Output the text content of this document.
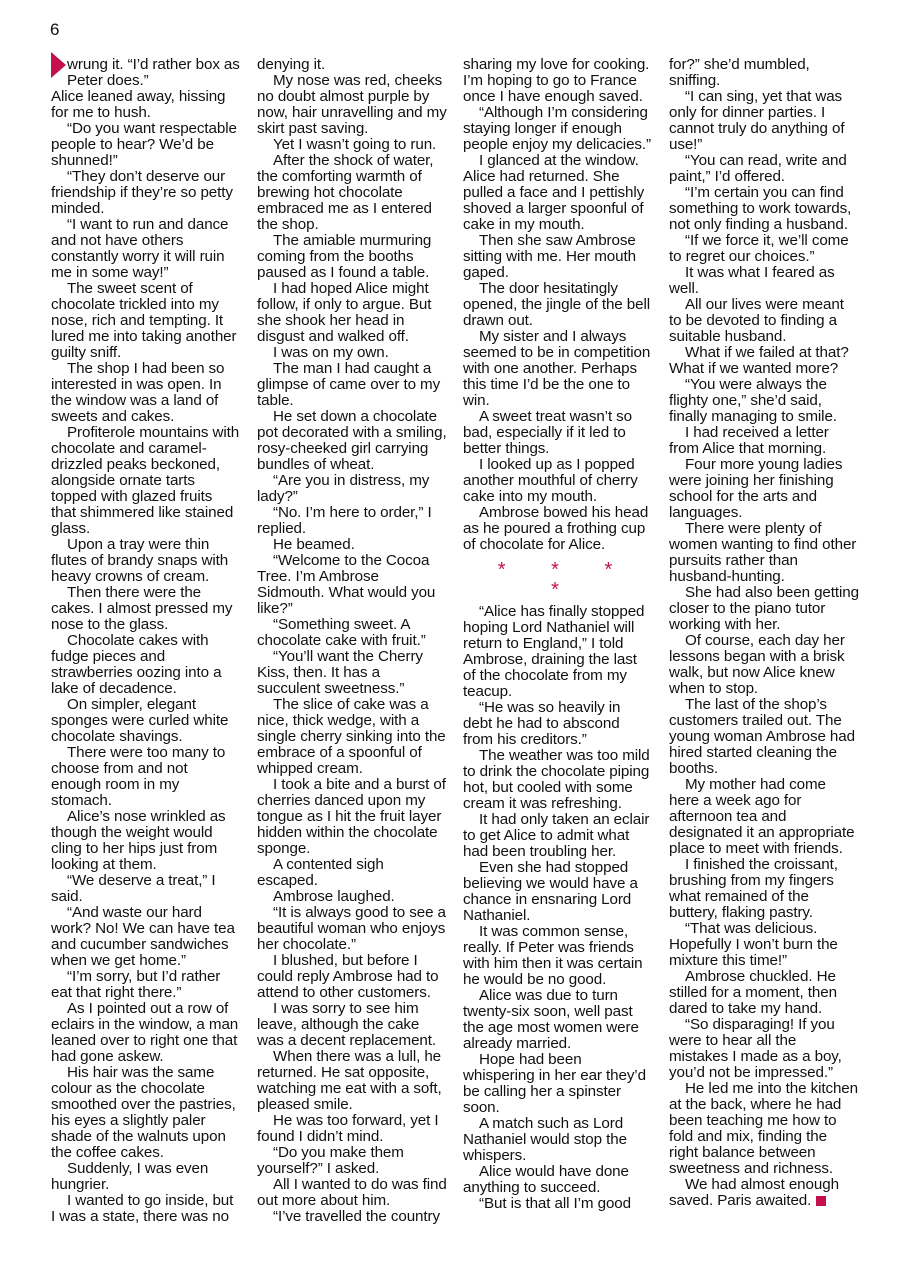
6

wrung it. “I’d rather box as Peter does.”

Alice leaned away, hissing for me to hush.

“Do you want respectable people to hear? We’d be shunned!”

“They don’t deserve our friendship if they’re so petty minded.

“I want to run and dance and not have others constantly worry it will ruin me in some way!”

The sweet scent of chocolate trickled into my nose, rich and tempting. It lured me into taking another guilty sniff.

The shop I had been so interested in was open. In the window was a land of sweets and cakes.

Profiterole mountains with chocolate and caramel-drizzled peaks beckoned, alongside ornate tarts topped with glazed fruits that shimmered like stained glass.

Upon a tray were thin flutes of brandy snaps with heavy crowns of cream.

Then there were the cakes. I almost pressed my nose to the glass.

Chocolate cakes with fudge pieces and strawberries oozing into a lake of decadence.

On simpler, elegant sponges were curled white chocolate shavings.

There were too many to choose from and not enough room in my stomach.

Alice’s nose wrinkled as though the weight would cling to her hips just from looking at them.

“We deserve a treat,” I said.

“And waste our hard work? No! We can have tea and cucumber sandwiches when we get home.”

“I’m sorry, but I’d rather eat that right there.”

As I pointed out a row of eclairs in the window, a man leaned over to right one that had gone askew.

His hair was the same colour as the chocolate smoothed over the pastries, his eyes a slightly paler shade of the walnuts upon the coffee cakes.

Suddenly, I was even hungrier.

I wanted to go inside, but I was a state, there was no

denying it.

My nose was red, cheeks no doubt almost purple by now, hair unravelling and my skirt past saving.

Yet I wasn’t going to run.

After the shock of water, the comforting warmth of brewing hot chocolate embraced me as I entered the shop.

The amiable murmuring coming from the booths paused as I found a table.

I had hoped Alice might follow, if only to argue. But she shook her head in disgust and walked off.

I was on my own.

The man I had caught a glimpse of came over to my table.

He set down a chocolate pot decorated with a smiling, rosy-cheeked girl carrying bundles of wheat.

“Are you in distress, my lady?”

“No. I’m here to order,” I replied.

He beamed.

“Welcome to the Cocoa Tree. I’m Ambrose Sidmouth. What would you like?”

“Something sweet. A chocolate cake with fruit.”

“You’ll want the Cherry Kiss, then. It has a succulent sweetness.”

The slice of cake was a nice, thick wedge, with a single cherry sinking into the embrace of a spoonful of whipped cream.

I took a bite and a burst of cherries danced upon my tongue as I hit the fruit layer hidden within the chocolate sponge.

A contented sigh escaped.

Ambrose laughed.

“It is always good to see a beautiful woman who enjoys her chocolate.”

I blushed, but before I could reply Ambrose had to attend to other customers.

I was sorry to see him leave, although the cake was a decent replacement.

When there was a lull, he returned. He sat opposite, watching me eat with a soft, pleased smile.

He was too forward, yet I found I didn’t mind.

“Do you make them yourself?” I asked.

All I wanted to do was find out more about him.

“I’ve travelled the country

sharing my love for cooking. I’m hoping to go to France once I have enough saved.

“Although I’m considering staying longer if enough people enjoy my delicacies.”

I glanced at the window. Alice had returned. She pulled a face and I pettishly shoved a larger spoonful of cake in my mouth.

Then she saw Ambrose sitting with me. Her mouth gaped.

The door hesitatingly opened, the jingle of the bell drawn out.

My sister and I always seemed to be in competition with one another. Perhaps this time I’d be the one to win.

A sweet treat wasn’t so bad, especially if it led to better things.

I looked up as I popped another mouthful of cherry cake into my mouth.

Ambrose bowed his head as he poured a frothing cup of chocolate for Alice.

* * * *

“Alice has finally stopped hoping Lord Nathaniel will return to England,” I told Ambrose, draining the last of the chocolate from my teacup.

“He was so heavily in debt he had to abscond from his creditors.”

The weather was too mild to drink the chocolate piping hot, but cooled with some cream it was refreshing.

It had only taken an eclair to get Alice to admit what had been troubling her.

Even she had stopped believing we would have a chance in ensnaring Lord Nathaniel.

It was common sense, really. If Peter was friends with him then it was certain he would be no good.

Alice was due to turn twenty-six soon, well past the age most women were already married.

Hope had been whispering in her ear they’d be calling her a spinster soon.

A match such as Lord Nathaniel would stop the whispers.

Alice would have done anything to succeed.

“But is that all I’m good

for?” she’d mumbled, sniffing.

“I can sing, yet that was only for dinner parties. I cannot truly do anything of use!”

“You can read, write and paint,” I’d offered.

“I’m certain you can find something to work towards, not only finding a husband.

“If we force it, we’ll come to regret our choices.”

It was what I feared as well.

All our lives were meant to be devoted to finding a suitable husband.

What if we failed at that? What if we wanted more?

“You were always the flighty one,” she’d said, finally managing to smile.

I had received a letter from Alice that morning.

Four more young ladies were joining her finishing school for the arts and languages.

There were plenty of women wanting to find other pursuits rather than husband-hunting.

She had also been getting closer to the piano tutor working with her.

Of course, each day her lessons began with a brisk walk, but now Alice knew when to stop.

The last of the shop’s customers trailed out. The young woman Ambrose had hired started cleaning the booths.

My mother had come here a week ago for afternoon tea and designated it an appropriate place to meet with friends.

I finished the croissant, brushing from my fingers what remained of the buttery, flaking pastry.

“That was delicious. Hopefully I won’t burn the mixture this time!”

Ambrose chuckled. He stilled for a moment, then dared to take my hand.

“So disparaging! If you were to hear all the mistakes I made as a boy, you’d not be impressed.”

He led me into the kitchen at the back, where he had been teaching me how to fold and mix, finding the right balance between sweetness and richness.

We had almost enough saved. Paris awaited.
